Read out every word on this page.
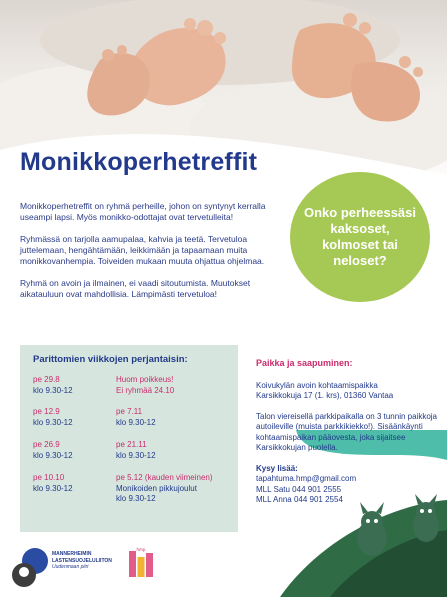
Monikkoperhetreffit

Monikkoperhetreffit on ryhmä perheille, johon on syntynyt kerralla useampi lapsi. Myös monikko-odottajat ovat tervetulleita!

Ryhmässä on tarjolla aamupalaa, kahvia ja teetä. Tervetuloa juttelemaan, hengähtämään, leikkimään ja tapaamaan muita monikkovanhempia. Toiveiden mukaan muuta ohjattua ohjelmaa.

Ryhmä on avoin ja ilmainen, ei vaadi sitoutumista. Muutokset aikatauluun ovat mahdollisia. Lämpimästi tervetuloa!

Onko perheessäsi kaksoset, kolmoset tai neloset?
Parittomien viikkojen perjantaisin:
pe 29.8
klo 9.30-12
pe 12.9
klo 9.30-12
pe 26.9
klo 9.30-12
pe 10.10
klo 9.30-12
Huom poikkeus!
Ei ryhmää 24.10
pe 7.11
klo 9.30-12
pe 21.11
klo 9.30-12
pe 5.12 (kauden viimeinen)
Monikoiden pikkujoulut
klo 9.30-12
Paikka ja saapuminen:

Koivukylän avoin kohtaamispaikka
Karsikkokuja 17 (1. krs), 01360 Vantaa

Talon viereisellä parkkipaikalla on 3 tunnin paikkoja autoileville (muista parkkikiekko!). Sisäänkäynti kohtaamispaikan pääovesta, joka sijaitsee Karsikkokujan puolella.

Kysy lisää:
tapahtuma.hmp@gmail.com
MLL Satu 044 901 2555
MLL Anna 044 901 2554

MANNERHEIMIN
LASTENSUOJELULIITON
Uudenmaan piiri
hmp
